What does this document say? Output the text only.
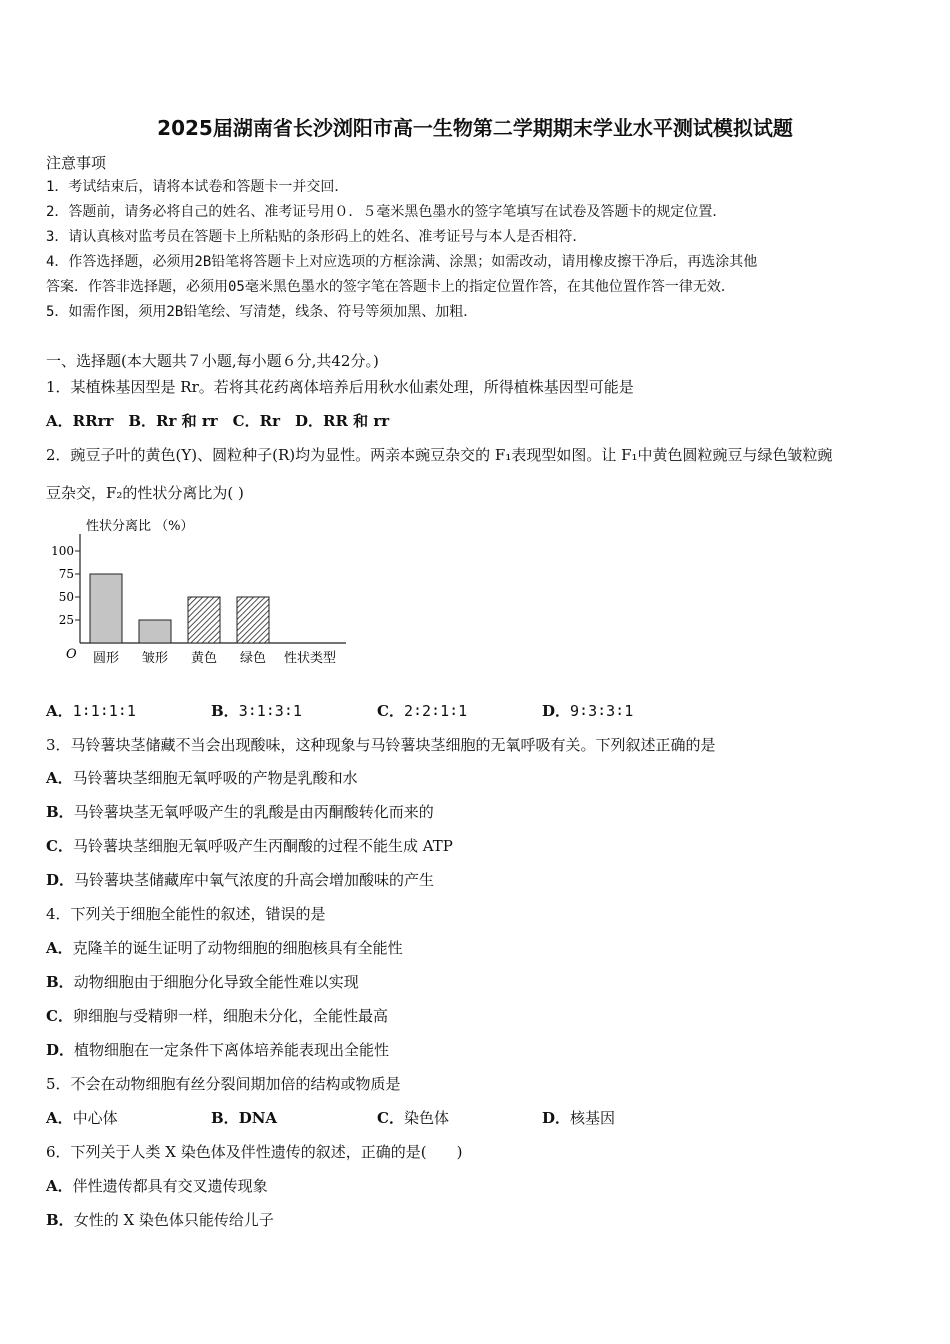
2025届湖南省长沙浏阳市高一生物第二学期期末学业水平测试模拟试题
注意事项
1．考试结束后，请将本试卷和答题卡一并交回．
2．答题前，请务必将自己的姓名、准考证号用０．５毫米黑色墨水的签字笔填写在试卷及答题卡的规定位置．
3．请认真核对监考员在答题卡上所粘贴的条形码上的姓名、准考证号与本人是否相符．
4．作答选择题，必须用2B铅笔将答题卡上对应选项的方框涂满、涂黑；如需改动，请用橡皮擦干净后，再选涂其他
答案．作答非选择题，必须用05毫米黑色墨水的签字笔在答题卡上的指定位置作答，在其他位置作答一律无效．
5．如需作图，须用2B铅笔绘、写清楚，线条、符号等须加黑、加粗．
一、选择题(本大题共７小题,每小题６分,共42分。)
1．某植株基因型是 Rr。若将其花药离体培养后用秋水仙素处理，所得植株基因型可能是
A．RRrr　B．Rr 和 rr　C．Rr　D．RR 和 rr
2．豌豆子叶的黄色(Y)、圆粒种子(R)均为显性。两亲本豌豆杂交的 F₁表现型如图。让 F₁中黄色圆粒豌豆与绿色皱粒豌
豆杂交，F₂的性状分离比为( )
性状分离比 （%）
25
50
75
100
圆形 皱形 黄色 绿色
O	性状类型
A．1∶1∶1∶1	B．3∶1∶3∶1	C．2∶2∶1∶1	D．9∶3∶3∶1
3．马铃薯块茎储藏不当会出现酸味，这种现象与马铃薯块茎细胞的无氧呼吸有关。下列叙述正确的是
A．马铃薯块茎细胞无氧呼吸的产物是乳酸和水
B．马铃薯块茎无氧呼吸产生的乳酸是由丙酮酸转化而来的
C．马铃薯块茎细胞无氧呼吸产生丙酮酸的过程不能生成 ATP
D．马铃薯块茎储藏库中氧气浓度的升高会增加酸味的产生
4．下列关于细胞全能性的叙述，错误的是
A．克隆羊的诞生证明了动物细胞的细胞核具有全能性
B．动物细胞由于细胞分化导致全能性难以实现
C．卵细胞与受精卵一样，细胞未分化，全能性最高
D．植物细胞在一定条件下离体培养能表现出全能性
5．不会在动物细胞有丝分裂间期加倍的结构或物质是
A．中心体	B．DNA	C．染色体	D．核基因
6．下列关于人类 X 染色体及伴性遗传的叙述，正确的是(　　)
A．伴性遗传都具有交叉遗传现象
B．女性的 X 染色体只能传给儿子
